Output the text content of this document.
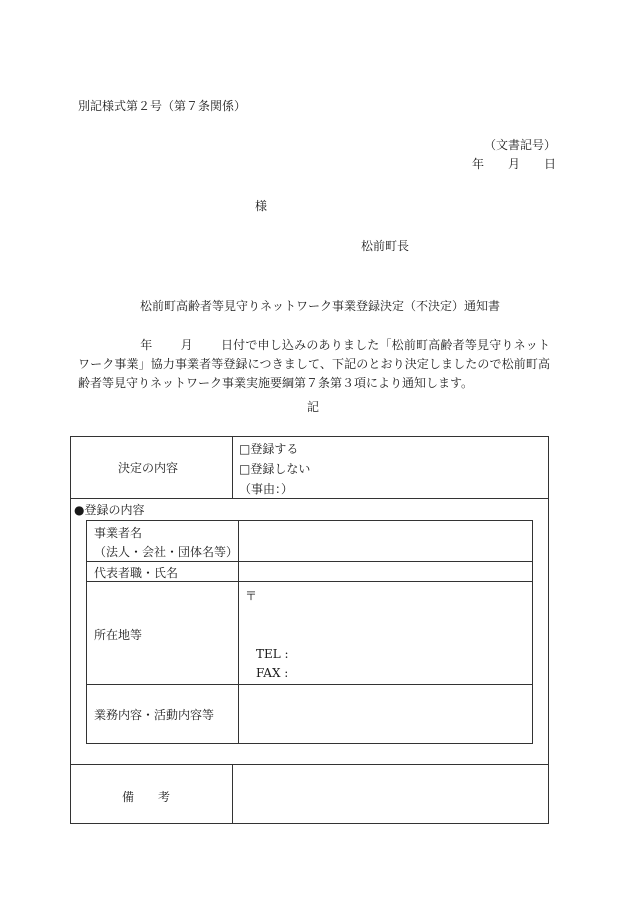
別記様式第２号（第７条関係）
（文書記号）
年 月 日
様
松前町長
松前町高齢者等見守りネットワーク事業登録決定（不決定）通知書
年 月 日付で申し込みのありました「松前町高齢者等見守りネットワーク事業」協力事業者等登録につきまして、下記のとおり決定しましたので松前町高齢者等見守りネットワーク事業実施要綱第７条第３項により通知します。
記
決定の内容
□登録する
□登録しない
（事由：）
●登録の内容
事業者名
（法人・会社・団体名等）
代表者職・氏名
所在地等
〒
TEL :
FAX :
業務内容・活動内容等
備　　考
